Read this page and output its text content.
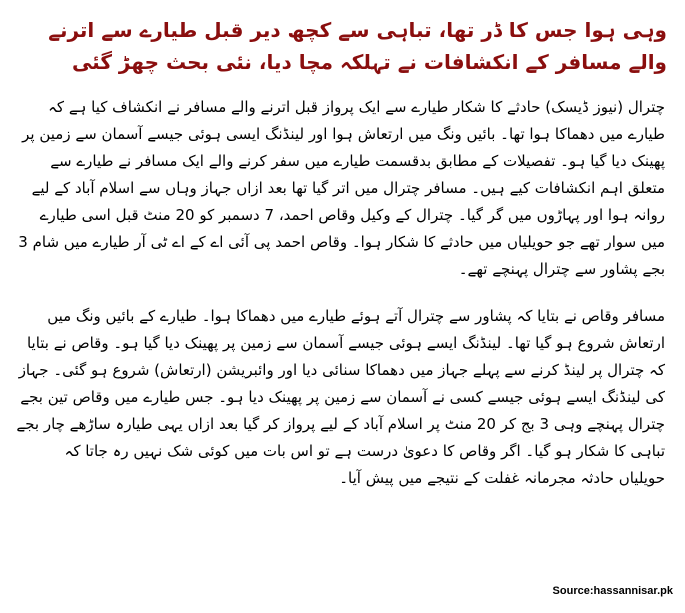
وہی ہوا جس کا ڈر تھا، تباہی سے کچھ دیر قبل طیارے سے اترنے والے مسافر کے انکشافات نے تہلکہ مچا دیا، نئی بحث چھڑ گئی

چترال (نیوز ڈیسک) حادثے کا شکار طیارے سے ایک پرواز قبل اترنے والے مسافر نے انکشاف کیا ہے کہ طیارے میں دھماکا ہوا تھا۔ بائیں ونگ میں ارتعاش ہوا اور لینڈنگ ایسی ہوئی جیسے آسمان سے زمین پر پھینک دیا گیا ہو۔ تفصیلات کے مطابق بدقسمت طیارے میں سفر کرنے والے ایک مسافر نے طیارے سے متعلق اہم انکشافات کیے ہیں۔ مسافر چترال میں اتر گیا تھا بعد ازاں جہاز وہاں سے اسلام آباد کے لیے روانہ ہوا اور پہاڑوں میں گر گیا۔ چترال کے وکیل وقاص احمد، 7 دسمبر کو 20 منٹ قبل اسی طیارے میں سوار تھے جو حویلیاں میں حادثے کا شکار ہوا۔ وقاص احمد پی آئی اے کے اے ٹی آر طیارے میں شام 3 بجے پشاور سے چترال پہنچے تھے۔

مسافر وقاص نے بتایا کہ پشاور سے چترال آتے ہوئے طیارے میں دھماکا ہوا۔ طیارے کے بائیں ونگ میں ارتعاش شروع ہو گیا تھا۔ لینڈنگ ایسے ہوئی جیسے آسمان سے زمین پر پھینک دیا گیا ہو۔ وقاص نے بتایا کہ چترال پر لینڈ کرنے سے پہلے جہاز میں دھماکا سنائی دیا اور وائبریشن (ارتعاش) شروع ہو گئی۔ جہاز کی لینڈنگ ایسے ہوئی جیسے کسی نے آسمان سے زمین پر پھینک دیا ہو۔ جس طیارے میں وقاص تین بجے چترال پہنچے وہی 3 بج کر 20 منٹ پر اسلام آباد کے لیے پرواز کر گیا بعد ازاں یہی طیارہ ساڑھے چار بجے تباہی کا شکار ہو گیا۔ اگر وقاص کا دعویٰ درست ہے تو اس بات میں کوئی شک نہیں رہ جاتا کہ حویلیاں حادثہ مجرمانہ غفلت کے نتیجے میں پیش آیا۔

Source:hassannisar.pk
